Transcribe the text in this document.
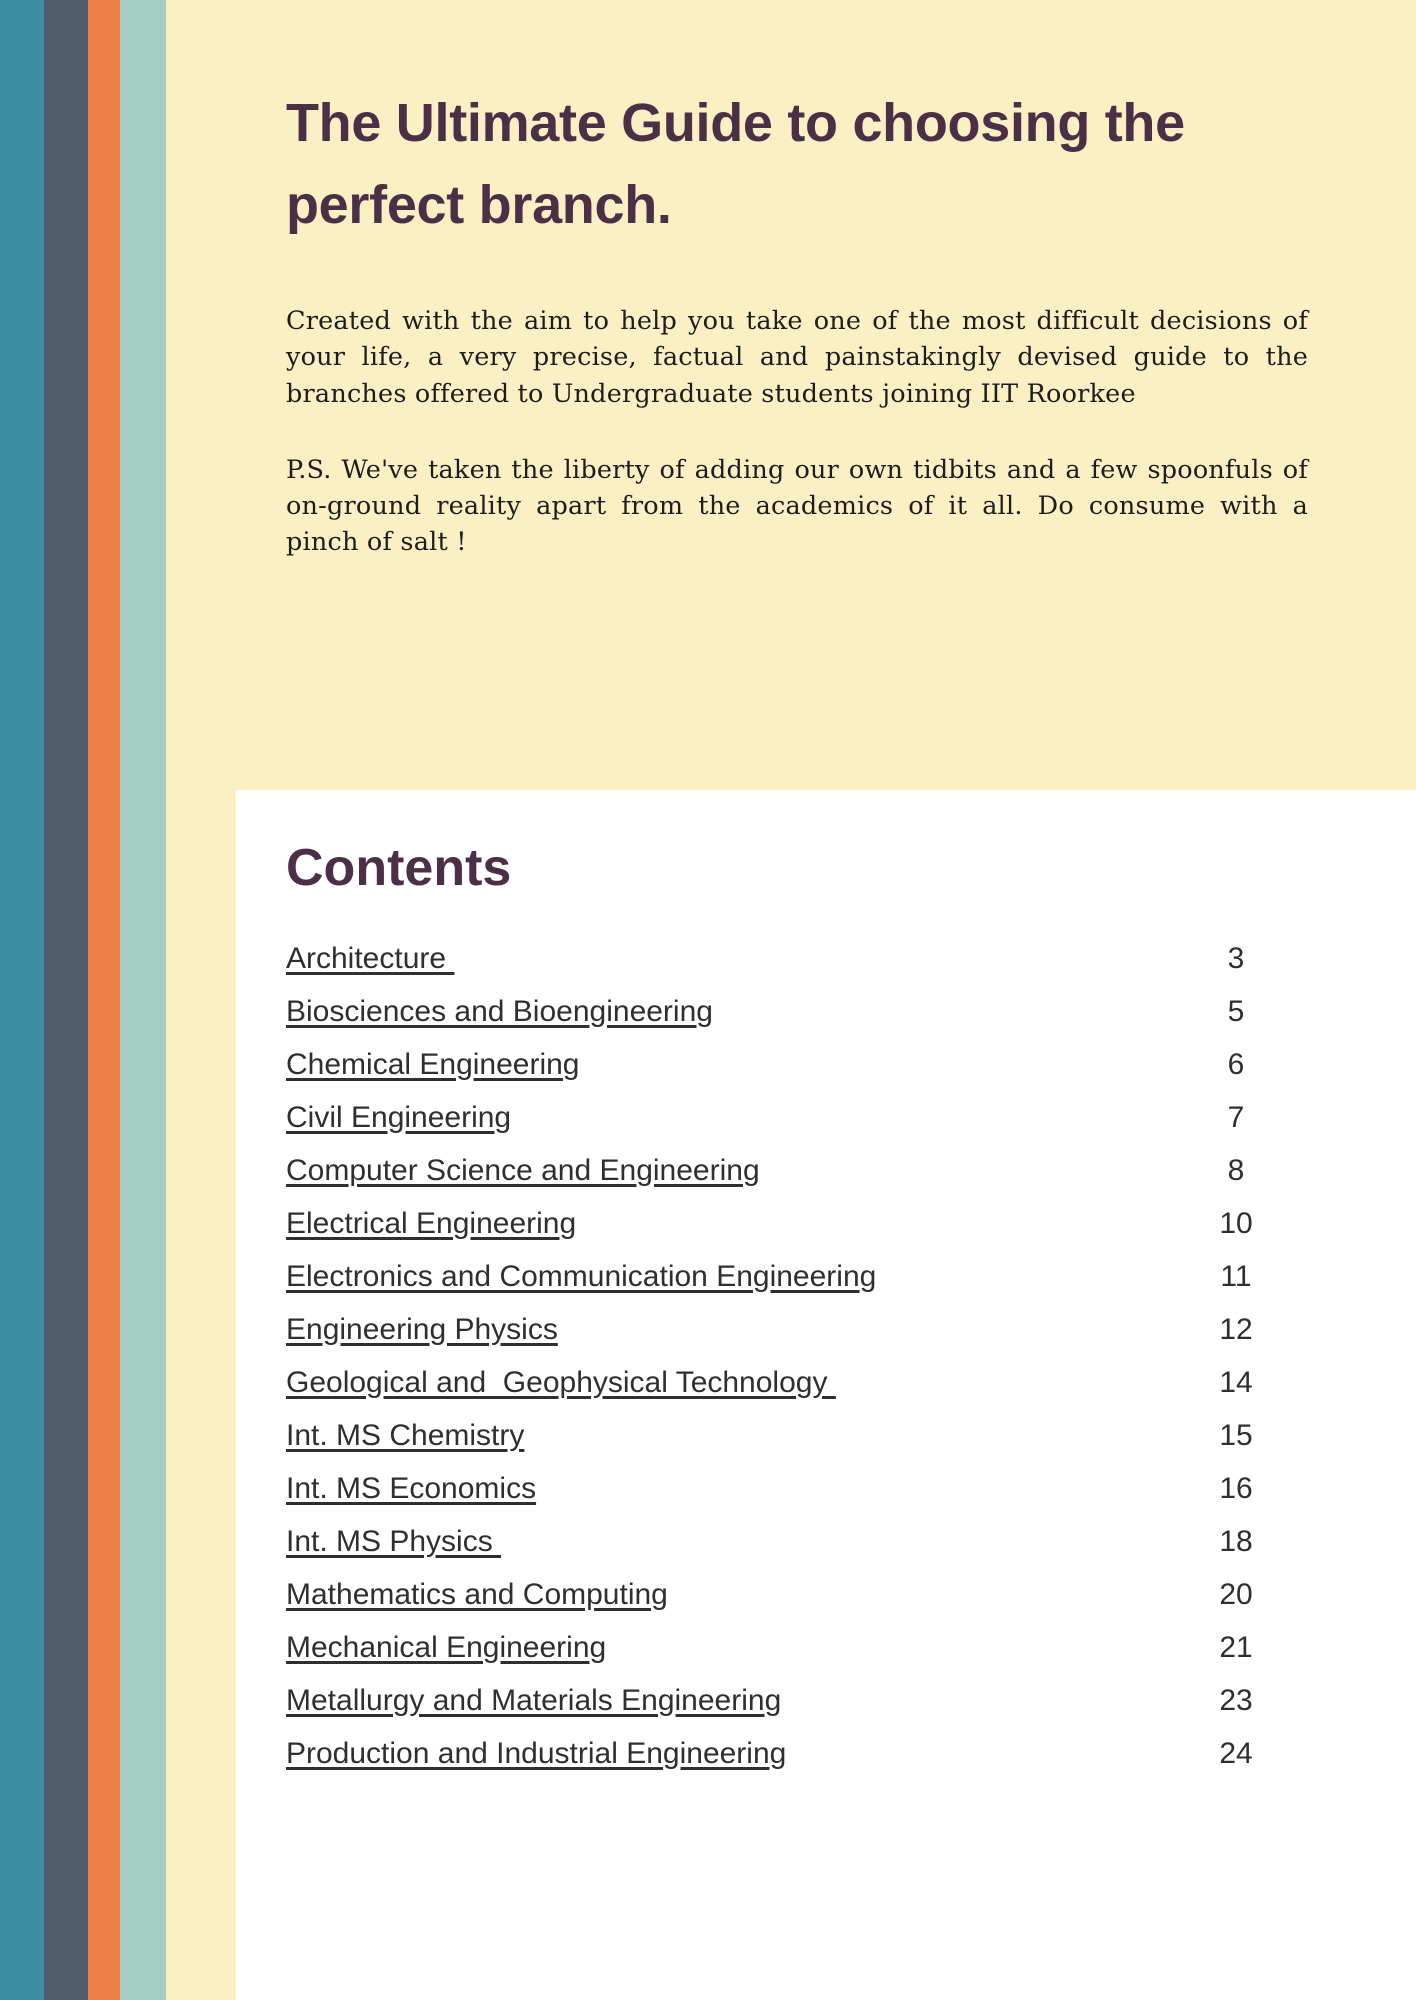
The Ultimate Guide to choosing the perfect branch.

Created with the aim to help you take one of the most difficult decisions of your life, a very precise, factual and painstakingly devised guide to the branches offered to Undergraduate students joining IIT Roorkee

P.S. We've taken the liberty of adding our own tidbits and a few spoonfuls of on-ground reality apart from the academics of it all. Do consume with a pinch of salt !

Contents
Architecture	3
Biosciences and Bioengineering	5
Chemical Engineering	6
Civil Engineering	7
Computer Science and Engineering	8
Electrical Engineering	10
Electronics and Communication Engineering	11
Engineering Physics	12
Geological and  Geophysical Technology	14
Int. MS Chemistry	15
Int. MS Economics	16
Int. MS Physics	18
Mathematics and Computing	20
Mechanical Engineering	21
Metallurgy and Materials Engineering	23
Production and Industrial Engineering	24
